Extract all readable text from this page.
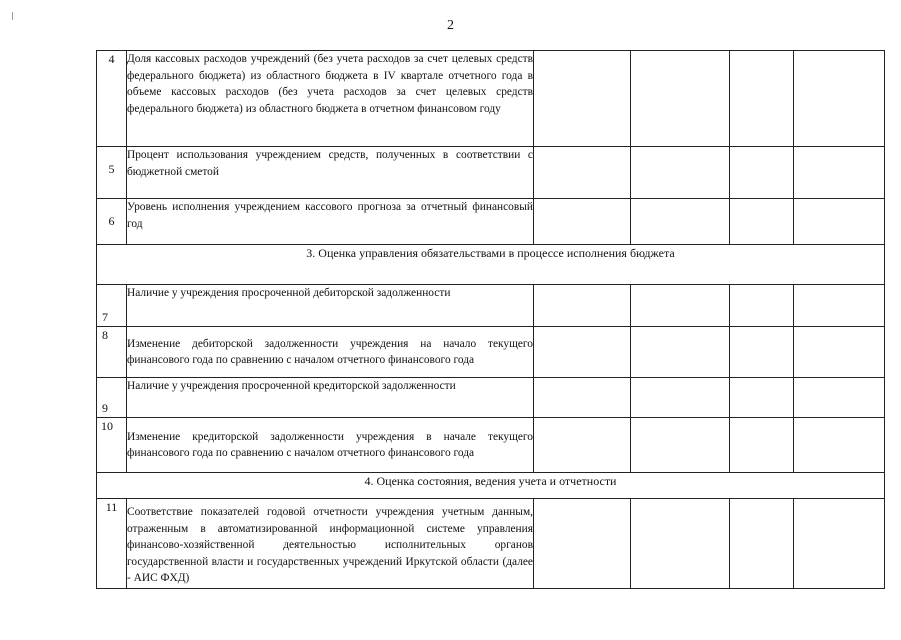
2
4	Доля кассовых расходов учреждений (без учета расходов за счет целевых средств федерального бюджета) из областного бюджета в IV квартале отчетного года в объеме кассовых расходов (без учета расходов за счет целевых средств федерального бюджета) из областного бюджета в отчетном финансовом году				
5	Процент использования учреждением средств, полученных в соответствии с бюджетной сметой				
6	Уровень исполнения учреждением кассового прогноза за отчетный финансовый год				
3. Оценка управления обязательствами в процессе исполнения бюджета					
7	Наличие у учреждения просроченной дебиторской задолженности				
8	Изменение дебиторской задолженности учреждения на начало текущего финансового года по сравнению с началом отчетного финансового года				
9	Наличие у учреждения просроченной кредиторской задолженности				
10	Изменение кредиторской задолженности учреждения в начале текущего финансового года по сравнению с началом отчетного финансового года				
4. Оценка состояния, ведения учета и отчетности					
11	Соответствие показателей годовой отчетности учреждения учетным данным, отраженным в автоматизированной информационной системе управления финансово-хозяйственной деятельностью исполнительных органов государственной власти и государственных учреждений Иркутской области (далее - АИС ФХД)				
